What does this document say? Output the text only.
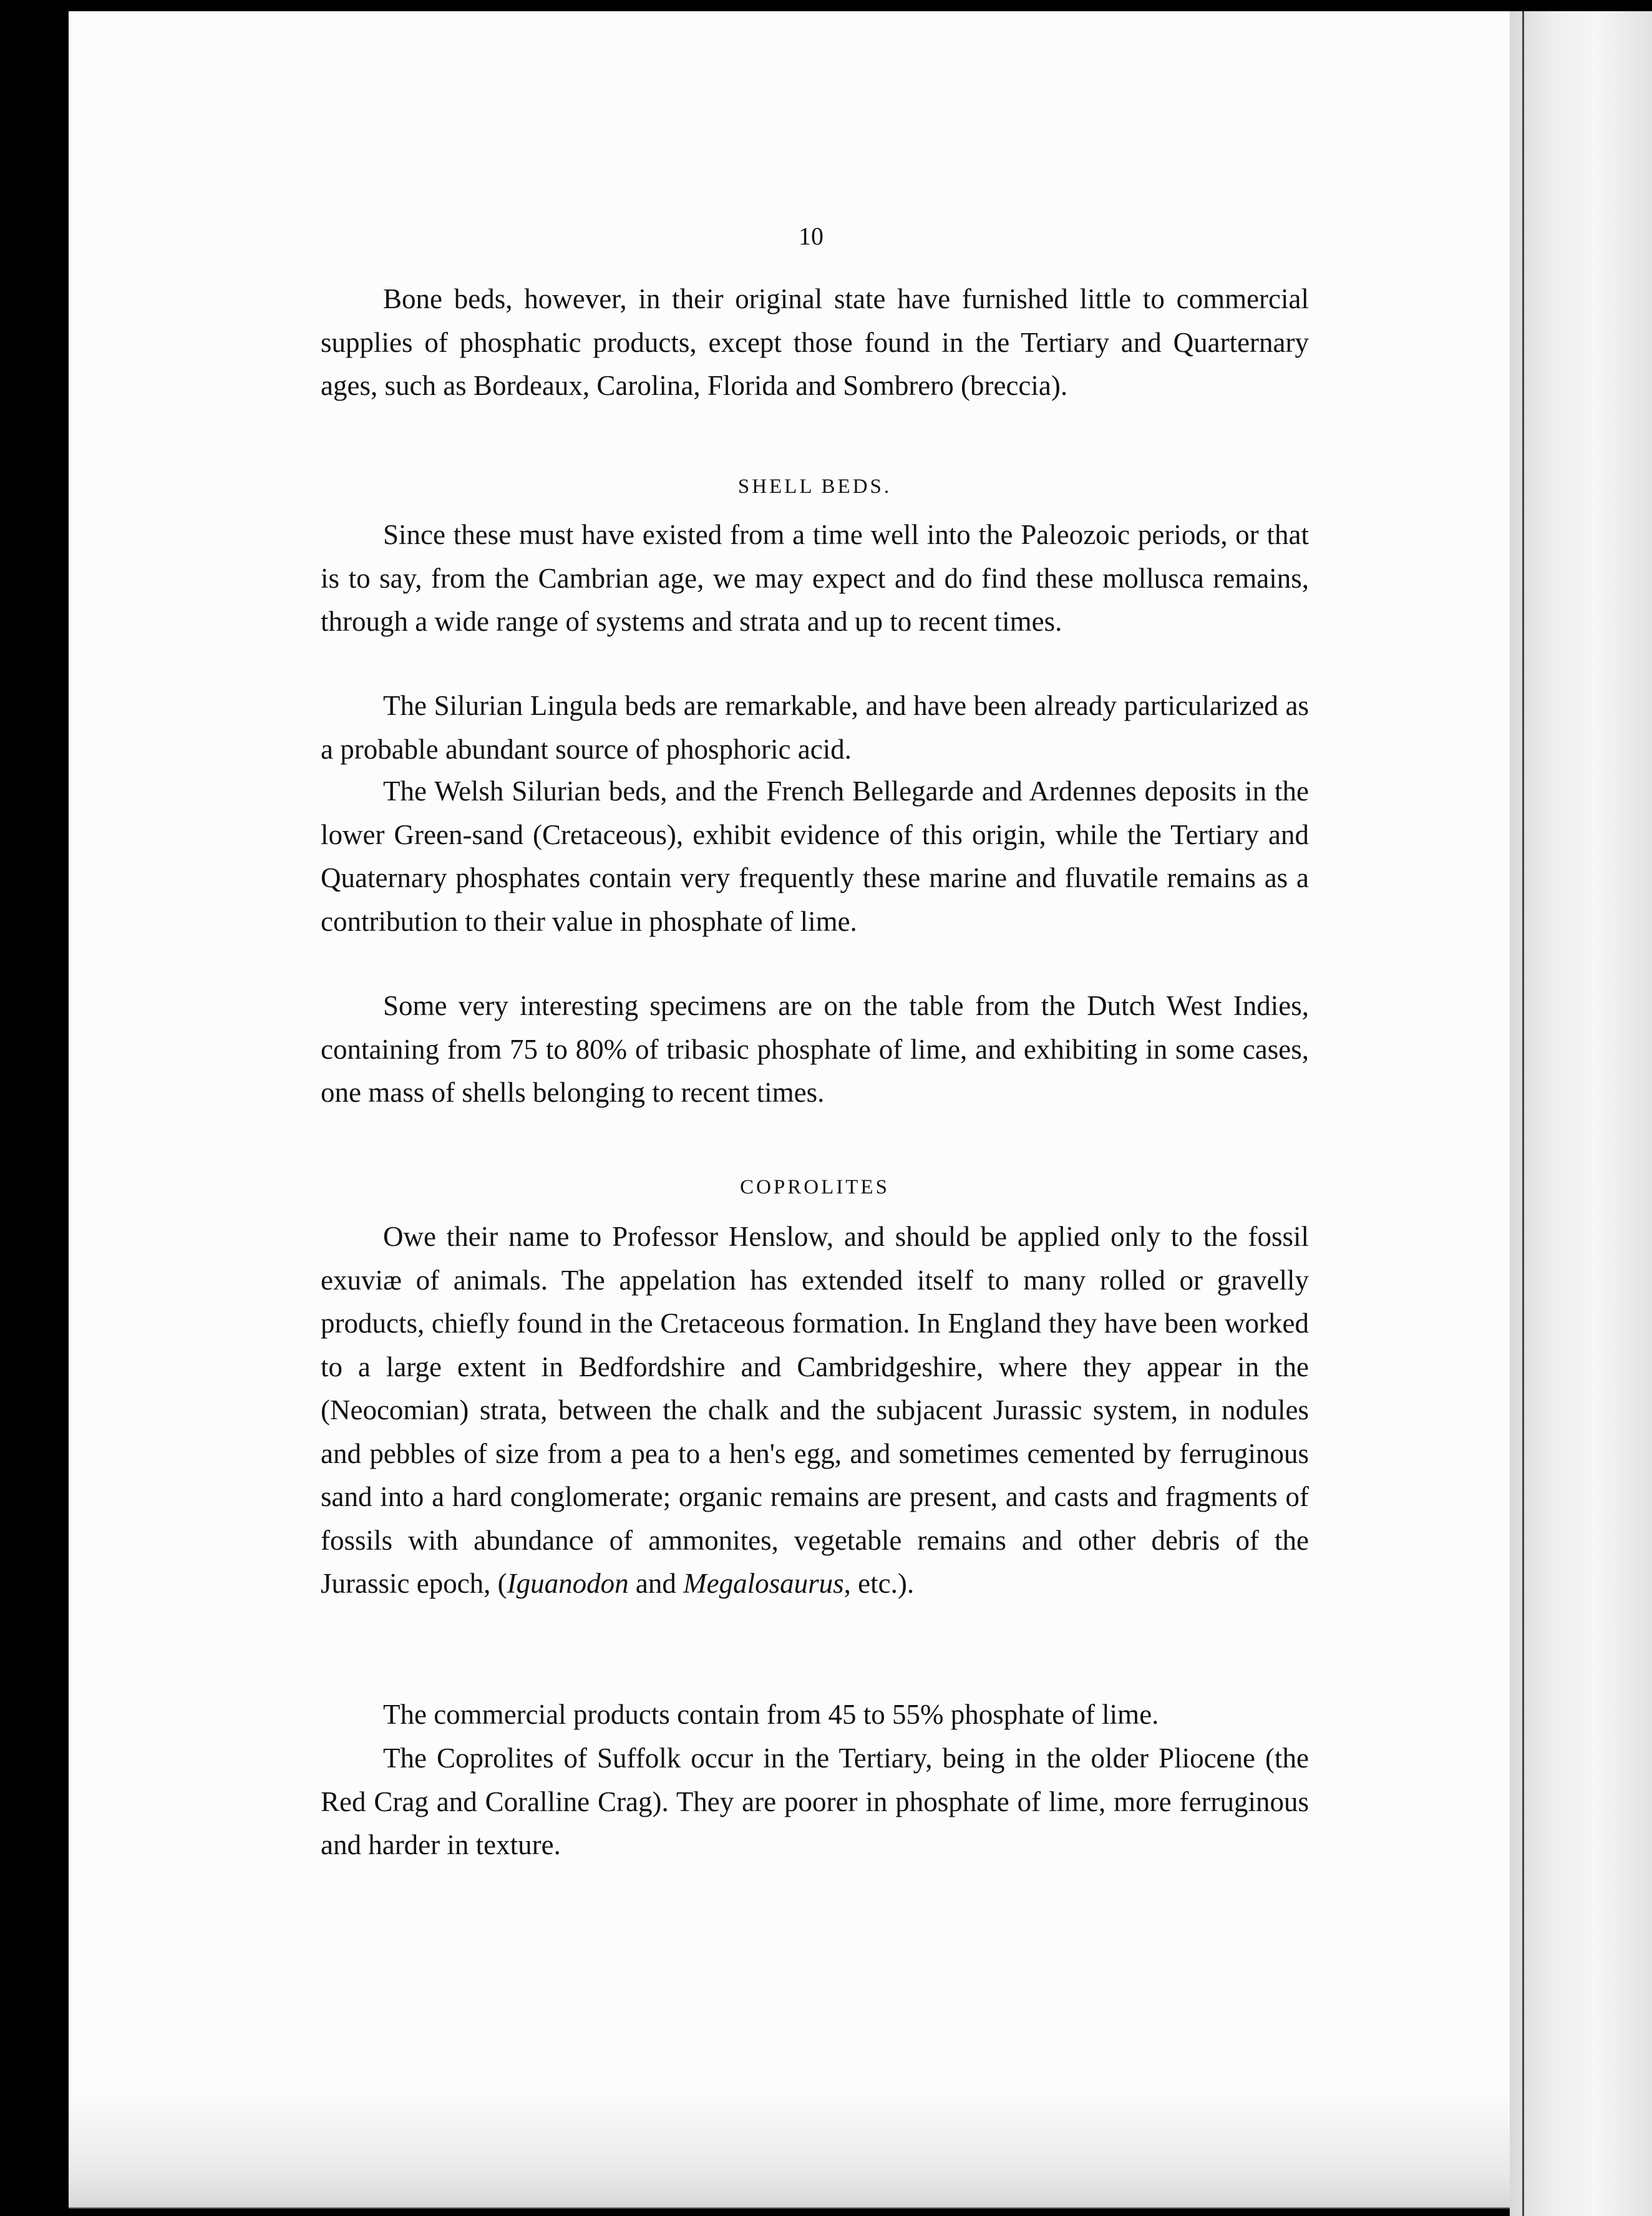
10

Bone beds, however, in their original state have furnished little to commercial supplies of phosphatic products, except those found in the Tertiary and Quarternary ages, such as Bordeaux, Carolina, Florida and Sombrero (breccia).

SHELL BEDS.

Since these must have existed from a time well into the Paleozoic periods, or that is to say, from the Cambrian age, we may expect and do find these mollusca remains, through a wide range of systems and strata and up to recent times.

The Silurian Lingula beds are remarkable, and have been already particularized as a probable abundant source of phosphoric acid.

The Welsh Silurian beds, and the French Bellegarde and Ardennes deposits in the lower Green-sand (Cretaceous), exhibit evidence of this origin, while the Tertiary and Quaternary phosphates contain very frequently these marine and fluvatile remains as a contribution to their value in phosphate of lime.

Some very interesting specimens are on the table from the Dutch West Indies, containing from 75 to 80% of tribasic phosphate of lime, and exhibiting in some cases, one mass of shells belonging to recent times.

COPROLITES

Owe their name to Professor Henslow, and should be applied only to the fossil exuviæ of animals. The appelation has extended itself to many rolled or gravelly products, chiefly found in the Cretaceous formation. In England they have been worked to a large extent in Bedfordshire and Cambridgeshire, where they appear in the (Neocomian) strata, between the chalk and the subjacent Jurassic system, in nodules and pebbles of size from a pea to a hen's egg, and sometimes cemented by ferruginous sand into a hard conglomerate; organic remains are present, and casts and fragments of fossils with abundance of ammonites, vegetable remains and other debris of the Jurassic epoch, (Iguanodon and Megalosaurus, etc.).

The commercial products contain from 45 to 55% phosphate of lime.

The Coprolites of Suffolk occur in the Tertiary, being in the older Pliocene (the Red Crag and Coralline Crag). They are poorer in phosphate of lime, more ferruginous and harder in texture.
